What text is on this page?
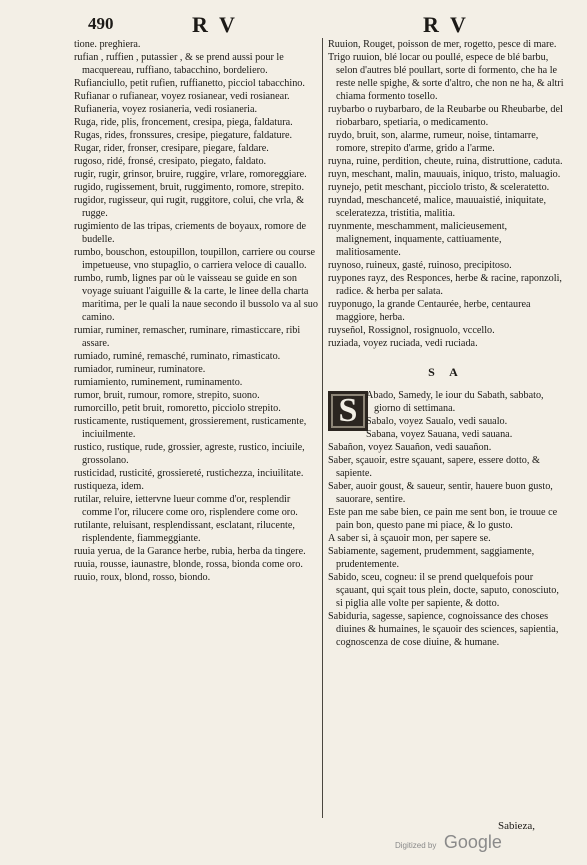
490	R V	R V

tione. preghiera.

rufian , ruffien , putassier , & se prend aussi pour le macquereau, ruffiano, tabacchino, bordeliero.

Rufianciullo, petit rufien, ruffianetto, picciol tabacchino.

Rufianar o rufianear, voyez rosianear, vedi rosianear.

Rufianeria, voyez rosianeria, vedi rosianeria.

Ruga, ride, plis, froncement, cresipa, piega, faldatura.

Rugas, rides, fronssures, cresipe, piegature, faldature.

Rugar, rider, fronser, cresipare, piegare, faldare.

rugoso, ridé, fronsé, cresipato, piegato, faldato.

rugir, rugir, grinsor, bruire, ruggire, vrlare, romoreggiare.

rugido, rugissement, bruit, ruggimento, romore, strepito.

rugidor, rugisseur, qui rugit, ruggitore, colui, che vrla, & rugge.

rugimiento de las tripas, criements de boyaux, romore de budelle.

rumbo, bouschon, estoupillon, toupillon, carriere ou course impetueuse, vno stupaglio, o carriera veloce di cauallo.

rumbo, rumb, lignes par où le vaisseau se guide en son voyage suiuant l'aiguille & la carte, le linee della charta maritima, per le quali la naue secondo il bussolo va al suo camino.

rumiar, ruminer, remascher, ruminare, rimasticcare, ribi assare.

rumiado, ruminé, remasché, ruminato, rimasticato.

rumiador, rumineur, ruminatore.

rumiamiento, ruminement, ruminamento.

rumor, bruit, rumour, romore, strepito, suono.

rumorcillo, petit bruit, romoretto, picciolo strepito.

rusticamente, rustiquement, grossierement, rusticamente, inciuilmente.

rustico, rustique, rude, grossier, agreste, rustico, inciuile, grossolano.

rusticidad, rusticité, grossiereté, rustichezza, inciuilitate.

rustiqueza, idem.

rutilar, reluire, iettervne lueur comme d'or, resplendir comme l'or, rilucere come oro, risplendere come oro.

rutilante, reluisant, resplendissant, esclatant, rilucente, risplendente, fiammeggiante.

ruuia yerua, de la Garance herbe, rubia, herba da tingere.

ruuia, rousse, iaunastre, blonde, rossa, bionda come oro.

ruuio, roux, blond, rosso, biondo.

Ruuion, Rouget, poisson de mer, rogetto, pesce di mare.

Trigo ruuion, blé locar ou poullé, espece de blé barbu, selon d'autres blé poullart, sorte di formento, che ha le reste nelle spighe, & sorte d'altro, che non ne ha, & altri chiama formento tosello.

ruybarbo o ruybarbaro, de la Reubarbe ou Rheubarbe, del riobarbaro, spetiaria, o medicamento.

ruydo, bruit, son, alarme, rumeur, noise, tintamarre, romore, strepito d'arme, grido a l'arme.

ruyna, ruine, perdition, cheute, ruina, distruttione, caduta.

ruyn, meschant, malin, mauuais, iniquo, tristo, maluagio.

ruynejo, petit meschant, picciolo tristo, & sceleratetto.

ruyndad, meschanceté, malice, mauuaistié, iniquitate, sceleratezza, tristitia, malitia.

ruynmente, meschamment, malicieusement, malignement, inquamente, cattiuamente, malitiosamente.

ruynoso, ruineux, gasté, ruinoso, precipitoso.

ruypones rayz, des Responces, herbe & racine, raponzoli, radice. & herba per salata.

ruyponugo, la grande Centaurée, herbe, centaurea maggiore, herba.

ruyseñol, Rossignol, rosignuolo, vccello.

ruziada, voyez ruciada, vedi ruciada.

S A
S Abado, Samedy, le iour du Sabath, sabbato, giorno di settimana.

Sabalo, voyez Saualo, vedi saualo.

Sabana, voyez Sauana, vedi sauana.

Sabañon, voyez Sauañon, vedi sauañon.

Saber, sçauoir, estre sçauant, sapere, essere dotto, & sapiente.

Saber, auoir goust, & saueur, sentir, hauere buon gusto, sauorare, sentire.

Este pan me sabe bien, ce pain me sent bon, ie trouue ce pain bon, questo pane mi piace, & lo gusto.

A saber si, à sçauoir mon, per sapere se.

Sabiamente, sagement, prudemment, saggiamente, prudentemente.

Sabido, sceu, cogneu: il se prend quelquefois pour sçauant, qui sçait tous plein, docte, saputo, conosciuto, si piglia alle volte per sapiente, & dotto.

Sabiduria, sagesse, sapience, cognoissance des choses diuines & humaines, le sçauoir des sciences, sapientia, cognoscenza de cose diuine, & humane.

Sabieza,
Digitized by Google
